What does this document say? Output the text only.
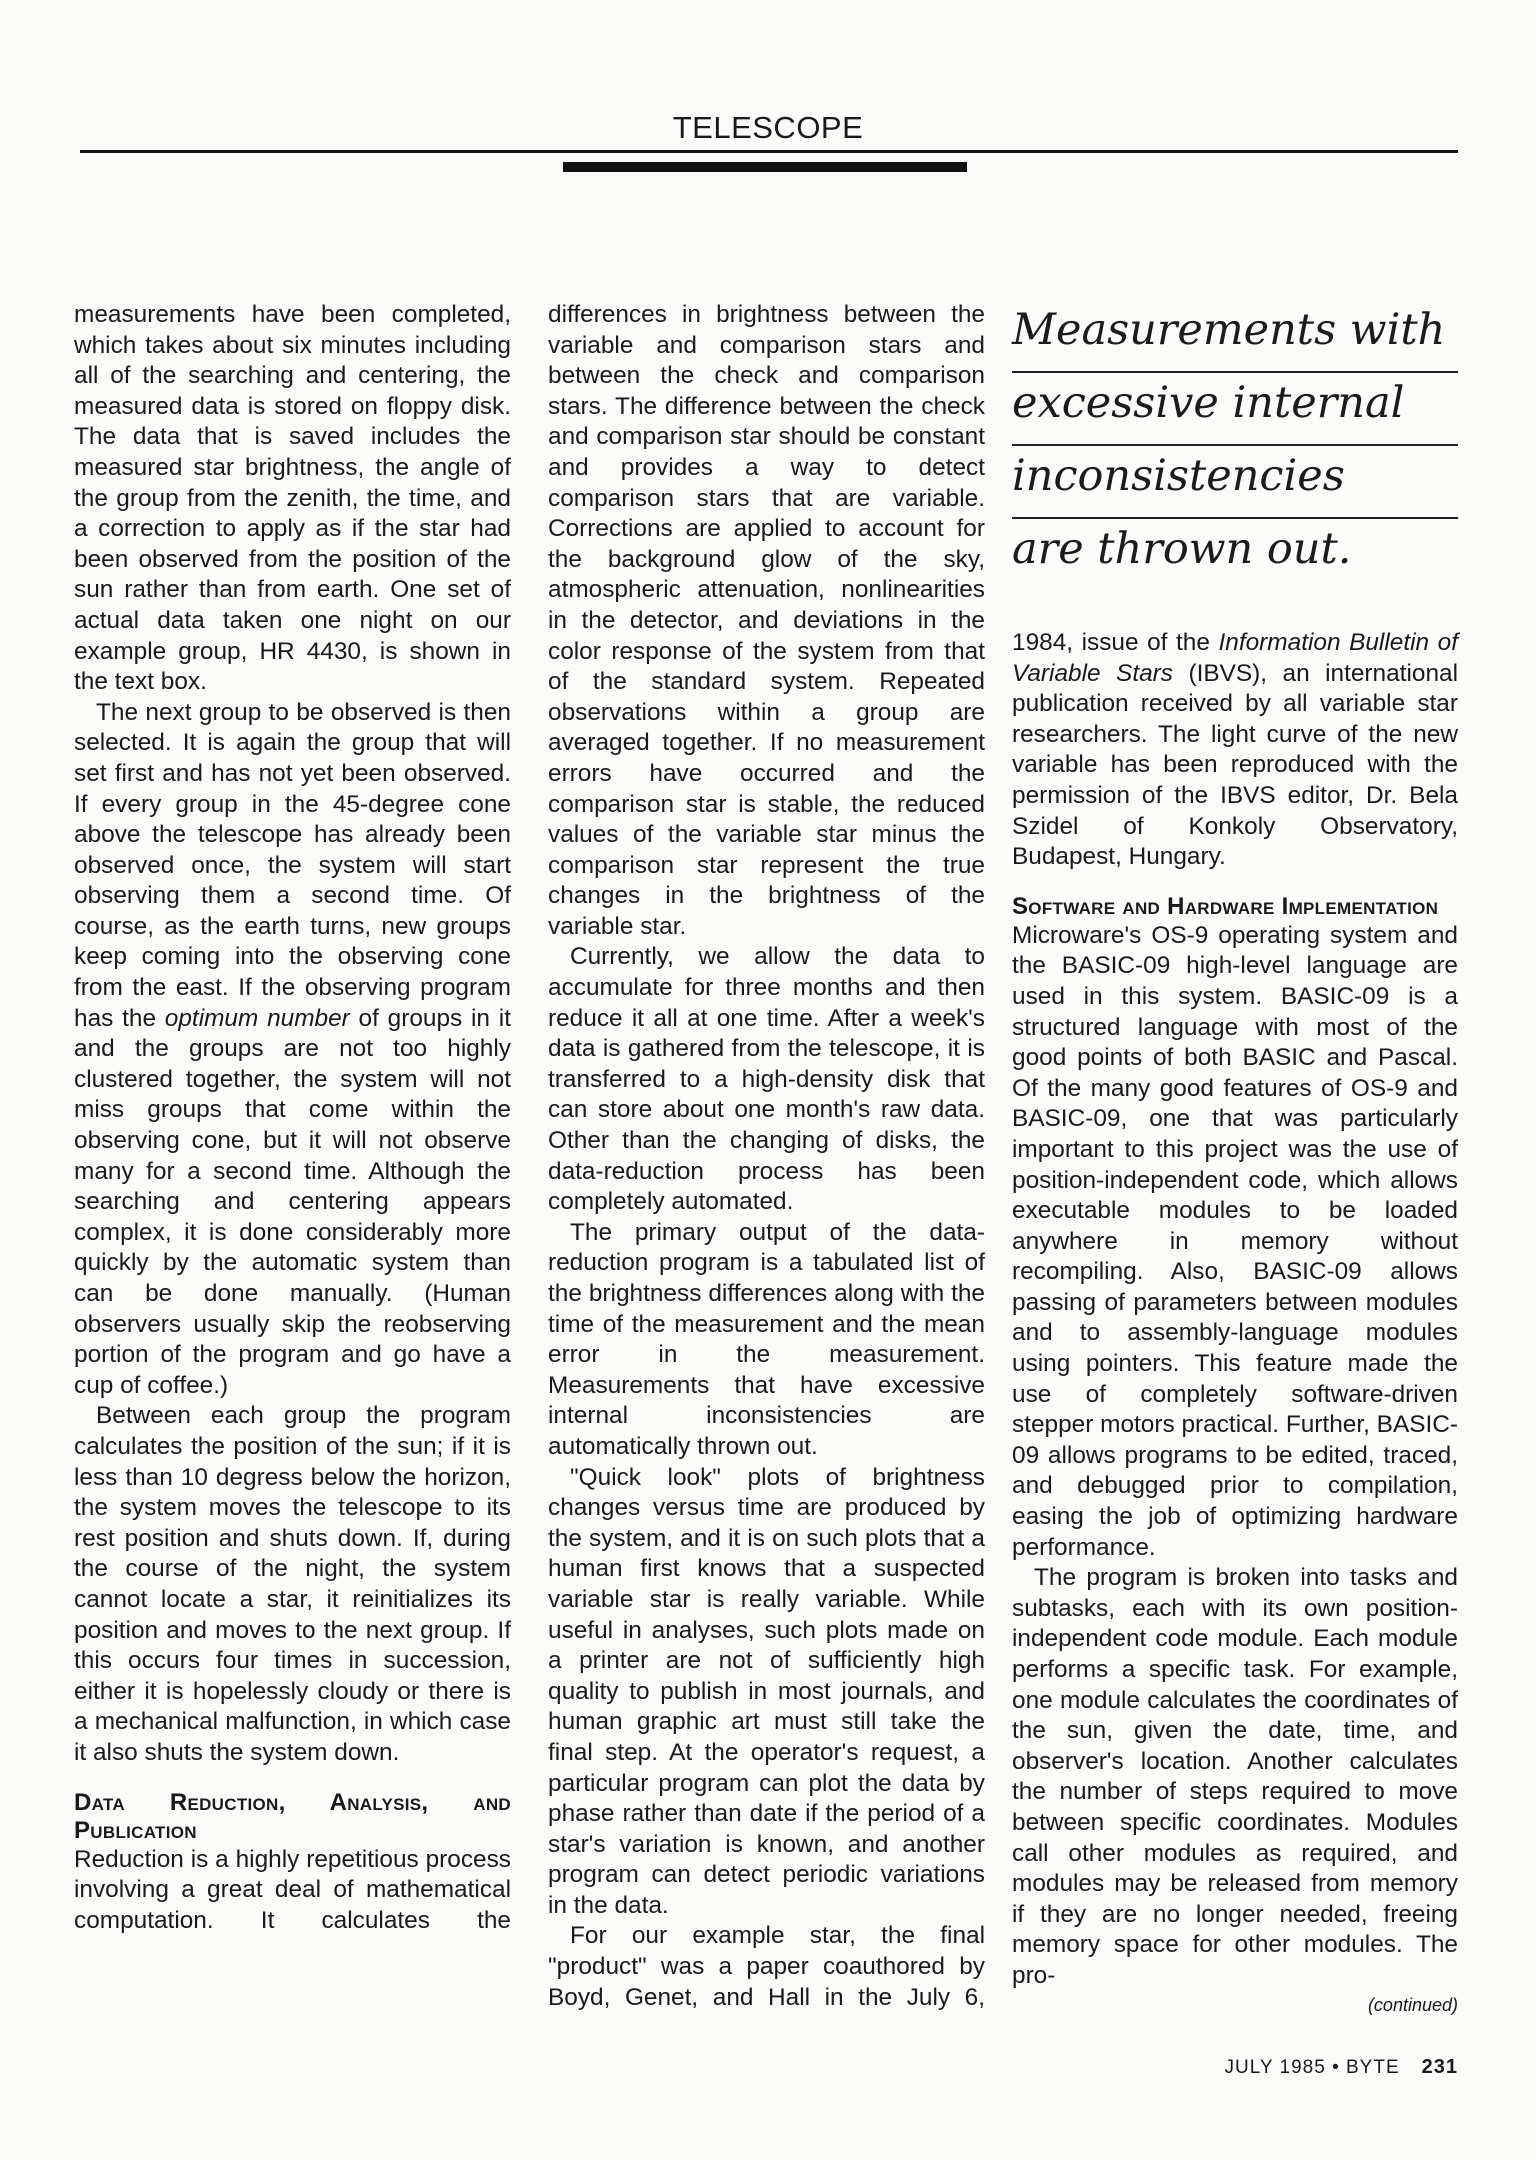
TELESCOPE

measurements have been completed, which takes about six minutes including all of the searching and centering, the measured data is stored on floppy disk. The data that is saved includes the measured star brightness, the angle of the group from the zenith, the time, and a correction to apply as if the star had been observed from the position of the sun rather than from earth. One set of actual data taken one night on our example group, HR 4430, is shown in the text box.

The next group to be observed is then selected. It is again the group that will set first and has not yet been observed. If every group in the 45-degree cone above the telescope has already been observed once, the system will start observing them a second time. Of course, as the earth turns, new groups keep coming into the observing cone from the east. If the observing program has the optimum number of groups in it and the groups are not too highly clustered together, the system will not miss groups that come within the observing cone, but it will not observe many for a second time. Although the searching and centering appears complex, it is done considerably more quickly by the automatic system than can be done manually. (Human observers usually skip the reobserving portion of the program and go have a cup of coffee.)

Between each group the program calculates the position of the sun; if it is less than 10 degress below the horizon, the system moves the telescope to its rest position and shuts down. If, during the course of the night, the system cannot locate a star, it reinitializes its position and moves to the next group. If this occurs four times in succession, either it is hopelessly cloudy or there is a mechanical malfunction, in which case it also shuts the system down.

Data Reduction, Analysis, and Publication

Reduction is a highly repetitious process involving a great deal of mathematical computation. It calculates the

differences in brightness between the variable and comparison stars and between the check and comparison stars. The difference between the check and comparison star should be constant and provides a way to detect comparison stars that are variable. Corrections are applied to account for the background glow of the sky, atmospheric attenuation, nonlinearities in the detector, and deviations in the color response of the system from that of the standard system. Repeated observations within a group are averaged together. If no measurement errors have occurred and the comparison star is stable, the reduced values of the variable star minus the comparison star represent the true changes in the brightness of the variable star.

Currently, we allow the data to accumulate for three months and then reduce it all at one time. After a week's data is gathered from the telescope, it is transferred to a high-density disk that can store about one month's raw data. Other than the changing of disks, the data-reduction process has been completely automated.

The primary output of the data-reduction program is a tabulated list of the brightness differences along with the time of the measurement and the mean error in the measurement. Measurements that have excessive internal inconsistencies are automatically thrown out.

"Quick look" plots of brightness changes versus time are produced by the system, and it is on such plots that a human first knows that a suspected variable star is really variable. While useful in analyses, such plots made on a printer are not of sufficiently high quality to publish in most journals, and human graphic art must still take the final step. At the operator's request, a particular program can plot the data by phase rather than date if the period of a star's variation is known, and another program can detect periodic variations in the data.

For our example star, the final "product" was a paper coauthored by Boyd, Genet, and Hall in the July 6,

Measurements with
excessive internal
inconsistencies
are thrown out.

1984, issue of the Information Bulletin of Variable Stars (IBVS), an international publication received by all variable star researchers. The light curve of the new variable has been reproduced with the permission of the IBVS editor, Dr. Bela Szidel of Konkoly Observatory, Budapest, Hungary.

Software and Hardware Implementation

Microware's OS-9 operating system and the BASIC-09 high-level language are used in this system. BASIC-09 is a structured language with most of the good points of both BASIC and Pascal. Of the many good features of OS-9 and BASIC-09, one that was particularly important to this project was the use of position-independent code, which allows executable modules to be loaded anywhere in memory without recompiling. Also, BASIC-09 allows passing of parameters between modules and to assembly-language modules using pointers. This feature made the use of completely software-driven stepper motors practical. Further, BASIC-09 allows programs to be edited, traced, and debugged prior to compilation, easing the job of optimizing hardware performance.

The program is broken into tasks and subtasks, each with its own position-independent code module. Each module performs a specific task. For example, one module calculates the coordinates of the sun, given the date, time, and observer's location. Another calculates the number of steps required to move between specific coordinates. Modules call other modules as required, and modules may be released from memory if they are no longer needed, freeing memory space for other modules. The pro-

(continued)
JULY 1985 • BYTE 231
